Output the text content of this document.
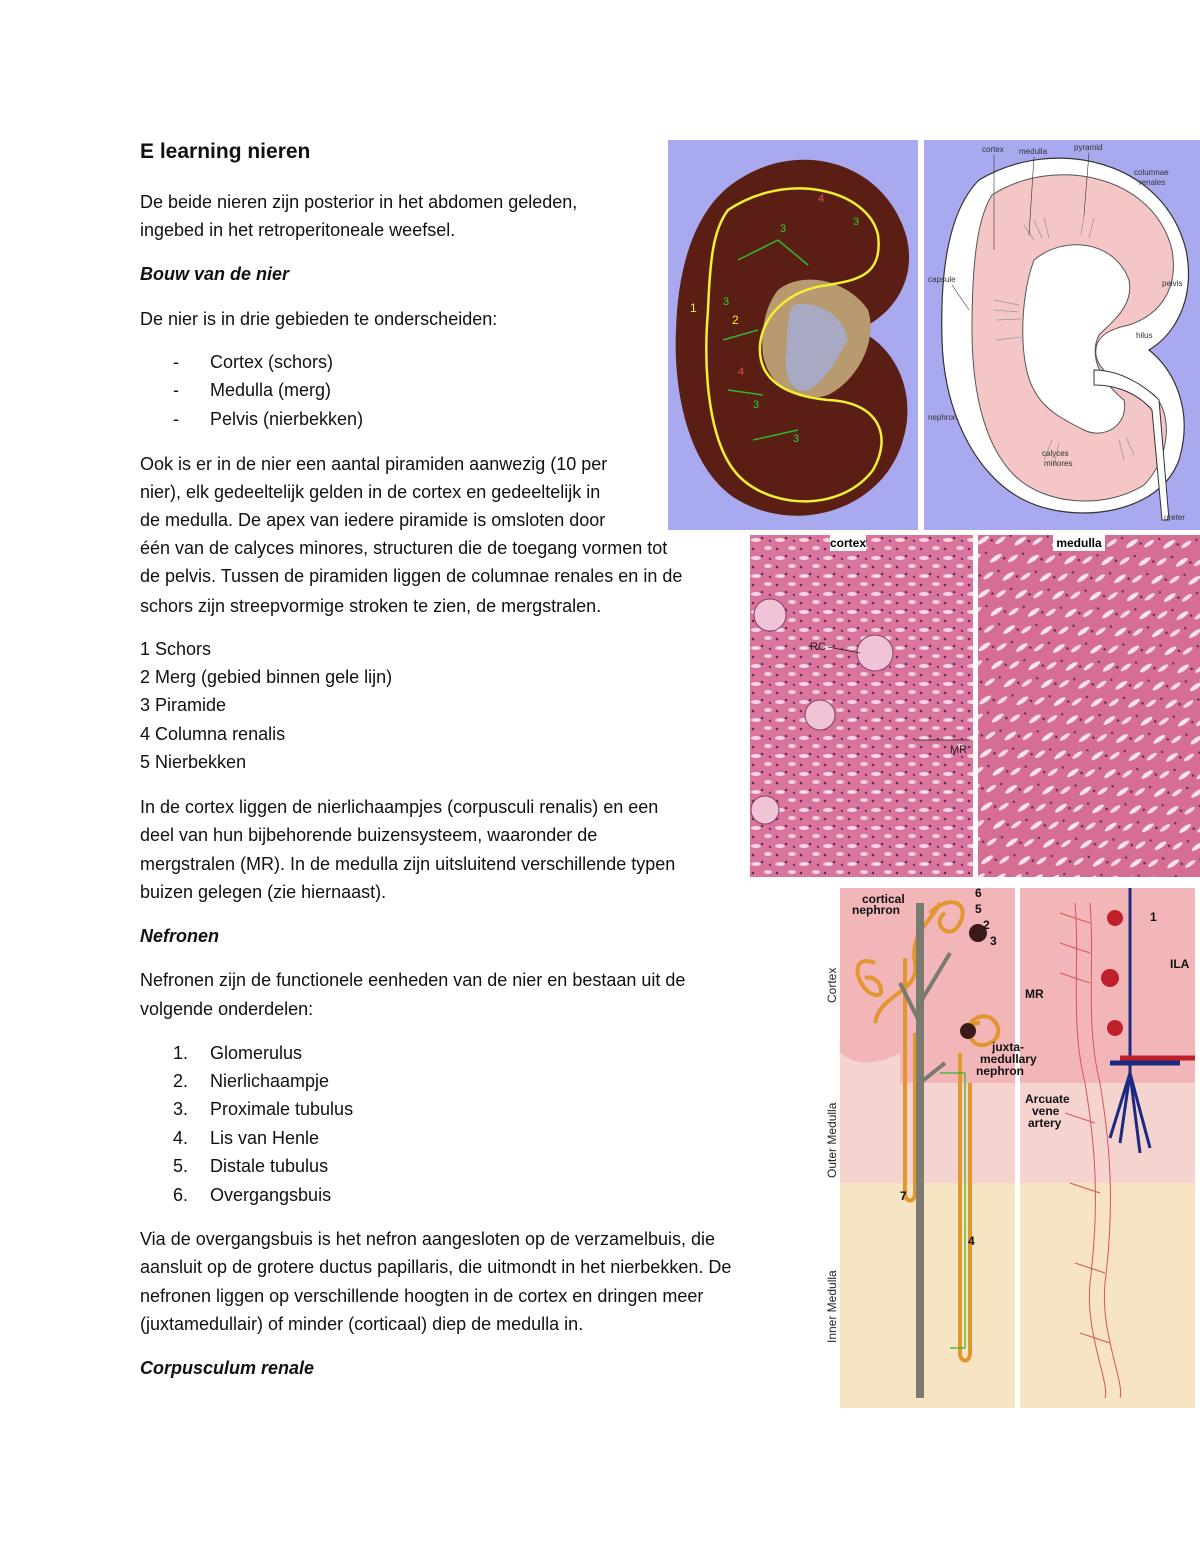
E learning nieren
De beide nieren zijn posterior in het abdomen geleden,
ingebed in het retroperitoneale weefsel.
Bouw van de nier
De nier is in drie gebieden te onderscheiden:
- Cortex (schors)
- Medulla (merg)
- Pelvis (nierbekken)
Ook is er in de nier een aantal piramiden aanwezig (10 per
nier), elk gedeeltelijk gelden in de cortex en gedeeltelijk in
de medulla. De apex van iedere piramide is omsloten door
één van de calyces minores, structuren die de toegang vormen tot
de pelvis. Tussen de piramiden liggen de columnae renales en in de
schors zijn streepvormige stroken te zien, de mergstralen.
1 Schors
2 Merg (gebied binnen gele lijn)
3 Piramide
4 Columna renalis
5 Nierbekken
In de cortex liggen de nierlichaampjes (corpusculi renalis) en een
deel van hun bijbehorende buizensysteem, waaronder de
mergstralen (MR). In de medulla zijn uitsluitend verschillende typen
buizen gelegen (zie hiernaast).
Nefronen
Nefronen zijn de functionele eenheden van de nier en bestaan uit de
volgende onderdelen:
1. Glomerulus
2. Nierlichaampje
3. Proximale tubulus
4. Lis van Henle
5. Distale tubulus
6. Overgangsbuis
Via de overgangsbuis is het nefron aangesloten op de verzamelbuis, die
aansluit op de grotere ductus papillaris, die uitmondt in het nierbekken. De
nefronen liggen op verschillende hoogten in de cortex en dringen meer
(juxtamedullair) of minder (corticaal) diep de medulla in.
Corpusculum renale
1
2
3
3
3
3
3
4
4
cortex medulla	pyramid
columnae
renales
capsule	pelvis
hilus
nephron
calyces
minores
ureter
cortex	medulla
RC
MR
cortical
nephron
juxta-
medullary
nephron
6
5
2
3
7
4
1
ILA
MR
Arcuate
vene
artery
Cortex
Outer Medulla
Inner Medulla
